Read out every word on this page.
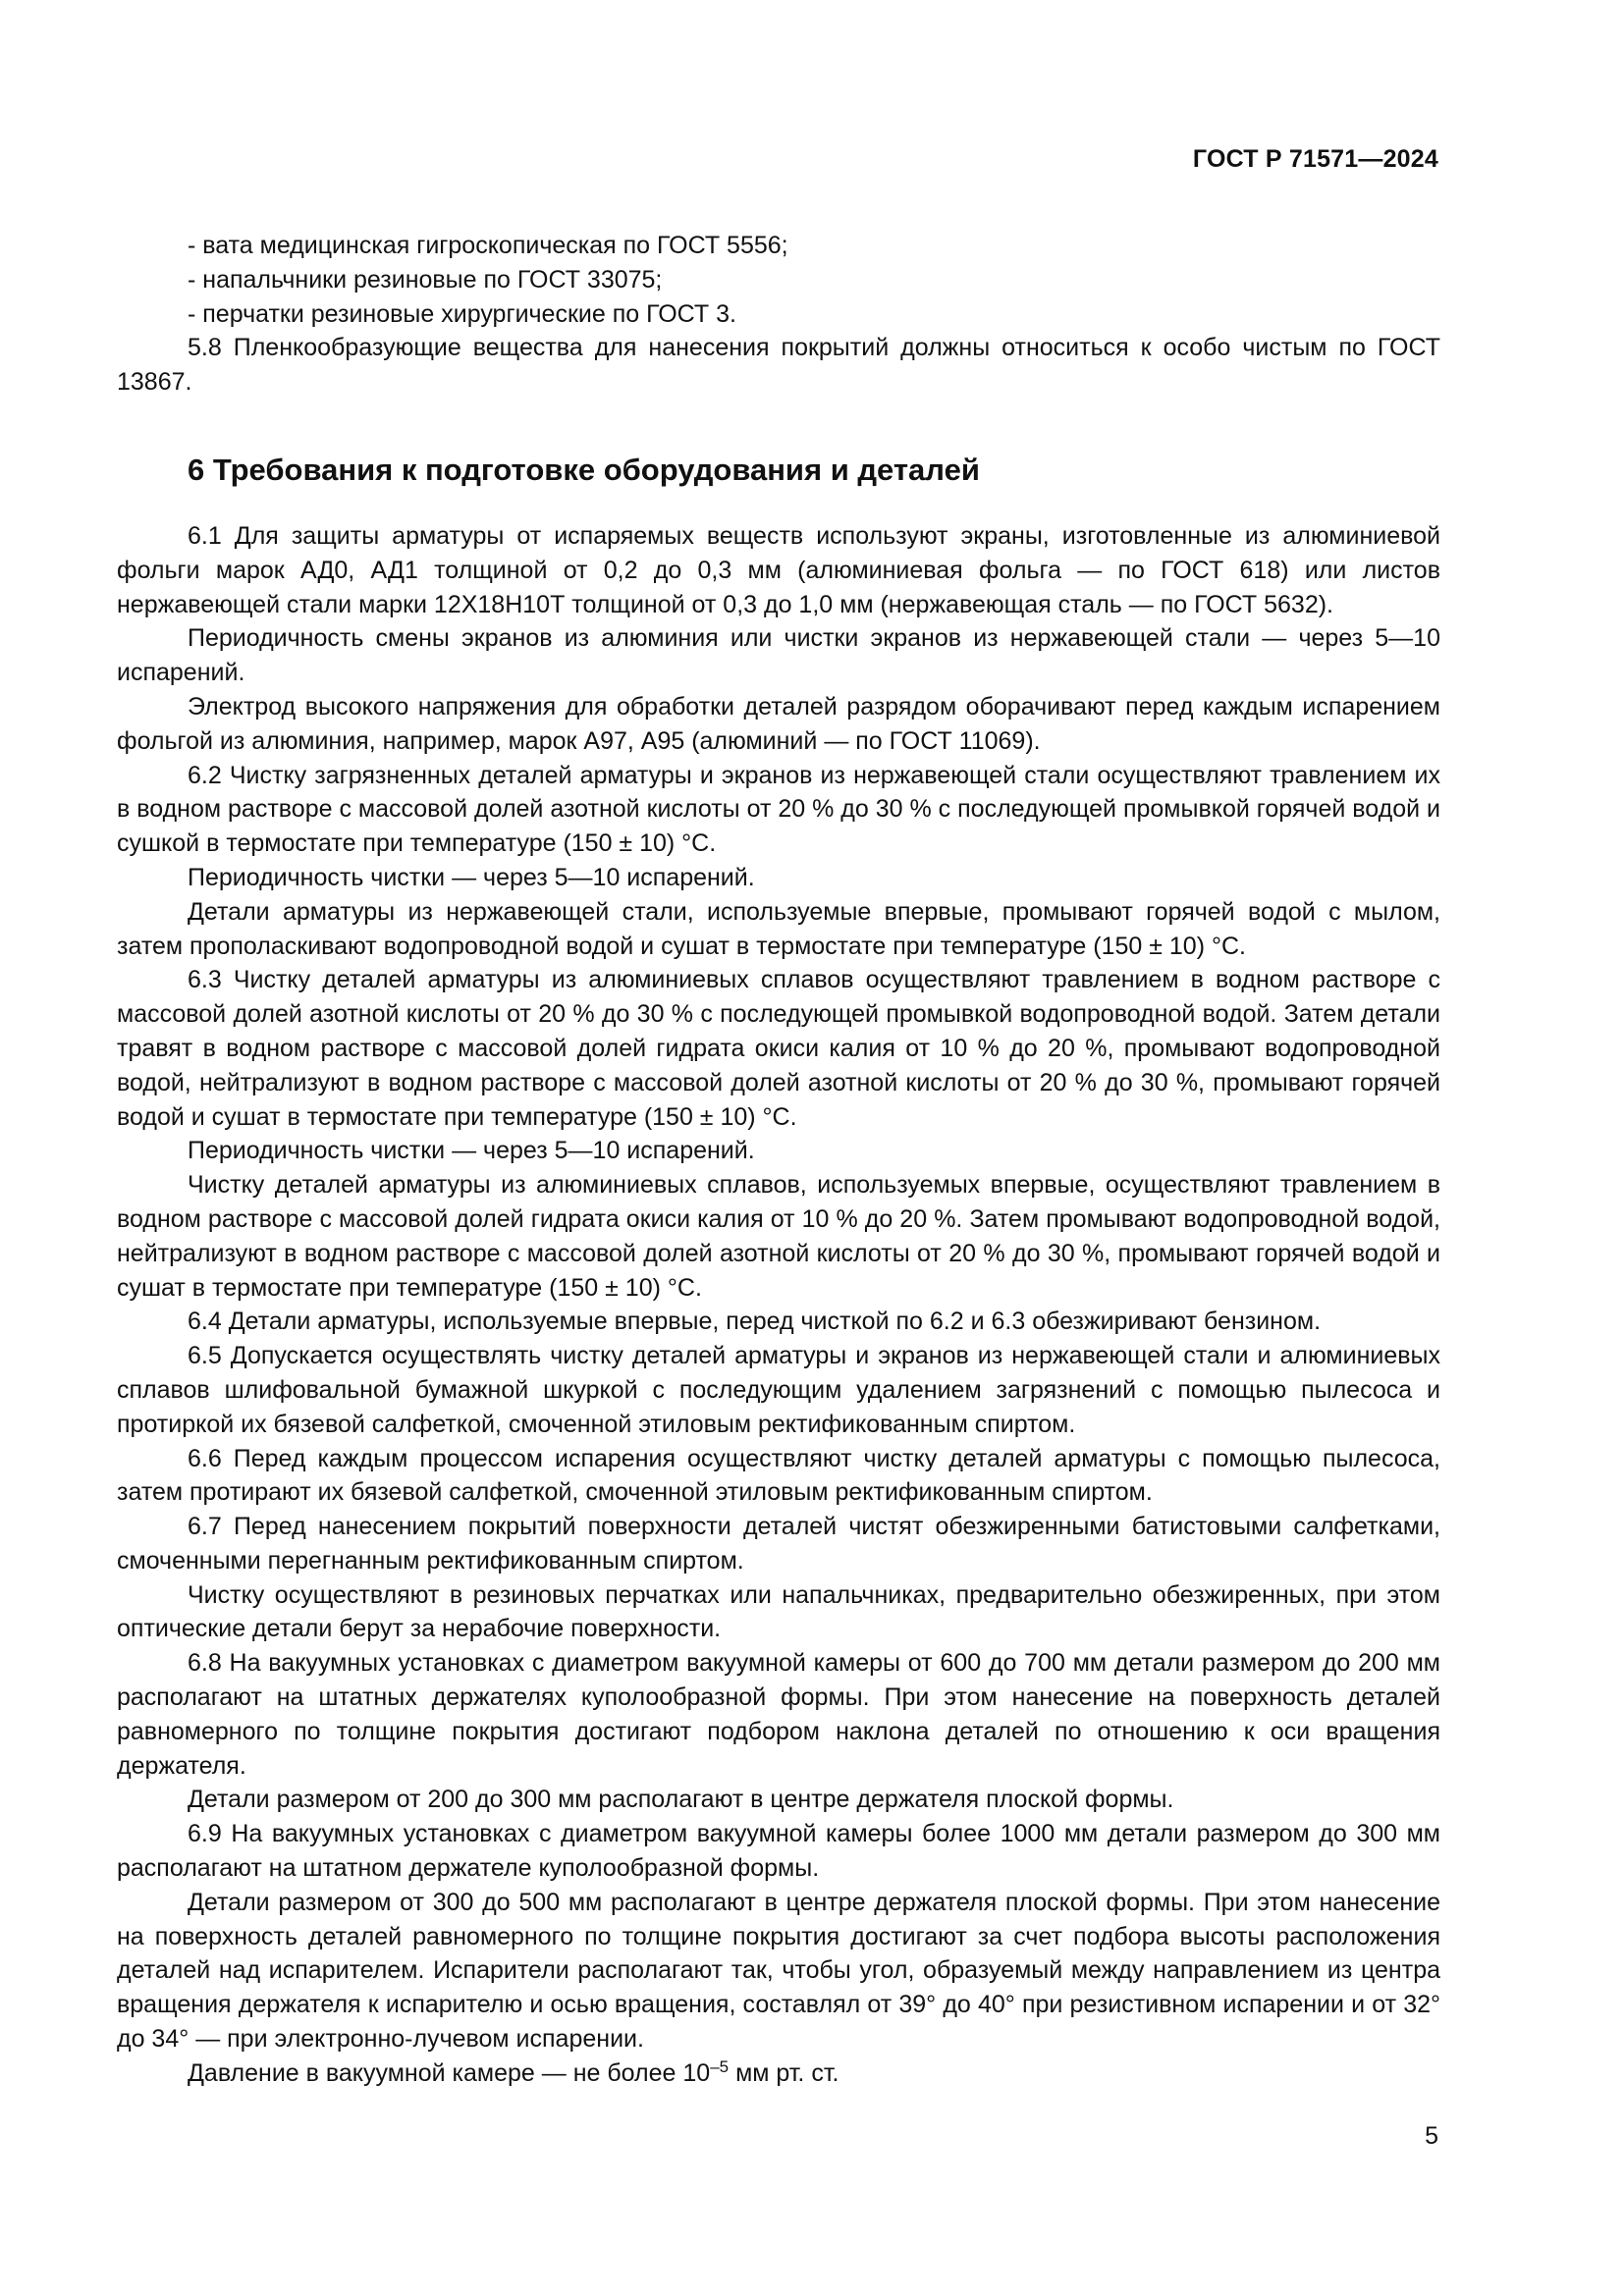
ГОСТ Р 71571—2024

- вата медицинская гигроскопическая по ГОСТ 5556;

- напальчники резиновые по ГОСТ 33075;

- перчатки резиновые хирургические по ГОСТ 3.

5.8 Пленкообразующие вещества для нанесения покрытий должны относиться к особо чистым по ГОСТ 13867.

6 Требования к подготовке оборудования и деталей

6.1 Для защиты арматуры от испаряемых веществ используют экраны, изготовленные из алюминиевой фольги марок АД0, АД1 толщиной от 0,2 до 0,3 мм (алюминиевая фольга — по ГОСТ 618) или листов нержавеющей стали марки 12Х18Н10Т толщиной от 0,3 до 1,0 мм (нержавеющая сталь — по ГОСТ 5632).

Периодичность смены экранов из алюминия или чистки экранов из нержавеющей стали — через 5—10 испарений.

Электрод высокого напряжения для обработки деталей разрядом оборачивают перед каждым испарением фольгой из алюминия, например, марок А97, А95 (алюминий — по ГОСТ 11069).

6.2 Чистку загрязненных деталей арматуры и экранов из нержавеющей стали осуществляют травлением их в водном растворе с массовой долей азотной кислоты от 20 % до 30 % с последующей промывкой горячей водой и сушкой в термостате при температуре (150 ± 10) °С.

Периодичность чистки — через 5—10 испарений.

Детали арматуры из нержавеющей стали, используемые впервые, промывают горячей водой с мылом, затем прополаскивают водопроводной водой и сушат в термостате при температуре (150 ± 10) °С.

6.3 Чистку деталей арматуры из алюминиевых сплавов осуществляют травлением в водном растворе с массовой долей азотной кислоты от 20 % до 30 % с последующей промывкой водопроводной водой. Затем детали травят в водном растворе с массовой долей гидрата окиси калия от 10 % до 20 %, промывают водопроводной водой, нейтрализуют в водном растворе с массовой долей азотной кислоты от 20 % до 30 %, промывают горячей водой и сушат в термостате при температуре (150 ± 10) °С.

Периодичность чистки — через 5—10 испарений.

Чистку деталей арматуры из алюминиевых сплавов, используемых впервые, осуществляют травлением в водном растворе с массовой долей гидрата окиси калия от 10 % до 20 %. Затем промывают водопроводной водой, нейтрализуют в водном растворе с массовой долей азотной кислоты от 20 % до 30 %, промывают горячей водой и сушат в термостате при температуре (150 ± 10) °С.

6.4 Детали арматуры, используемые впервые, перед чисткой по 6.2 и 6.3 обезжиривают бензином.

6.5 Допускается осуществлять чистку деталей арматуры и экранов из нержавеющей стали и алюминиевых сплавов шлифовальной бумажной шкуркой с последующим удалением загрязнений с помощью пылесоса и протиркой их бязевой салфеткой, смоченной этиловым ректификованным спиртом.

6.6 Перед каждым процессом испарения осуществляют чистку деталей арматуры с помощью пылесоса, затем протирают их бязевой салфеткой, смоченной этиловым ректификованным спиртом.

6.7 Перед нанесением покрытий поверхности деталей чистят обезжиренными батистовыми салфетками, смоченными перегнанным ректификованным спиртом.

Чистку осуществляют в резиновых перчатках или напальчниках, предварительно обезжиренных, при этом оптические детали берут за нерабочие поверхности.

6.8 На вакуумных установках с диаметром вакуумной камеры от 600 до 700 мм детали размером до 200 мм располагают на штатных держателях куполообразной формы. При этом нанесение на поверхность деталей равномерного по толщине покрытия достигают подбором наклона деталей по отношению к оси вращения держателя.

Детали размером от 200 до 300 мм располагают в центре держателя плоской формы.

6.9 На вакуумных установках с диаметром вакуумной камеры более 1000 мм детали размером до 300 мм располагают на штатном держателе куполообразной формы.

Детали размером от 300 до 500 мм располагают в центре держателя плоской формы. При этом нанесение на поверхность деталей равномерного по толщине покрытия достигают за счет подбора высоты расположения деталей над испарителем. Испарители располагают так, чтобы угол, образуемый между направлением из центра вращения держателя к испарителю и осью вращения, составлял от 39° до 40° при резистивном испарении и от 32° до 34° — при электронно-лучевом испарении.

Давление в вакуумной камере — не более $10^{-5}$ мм рт. ст.

5
